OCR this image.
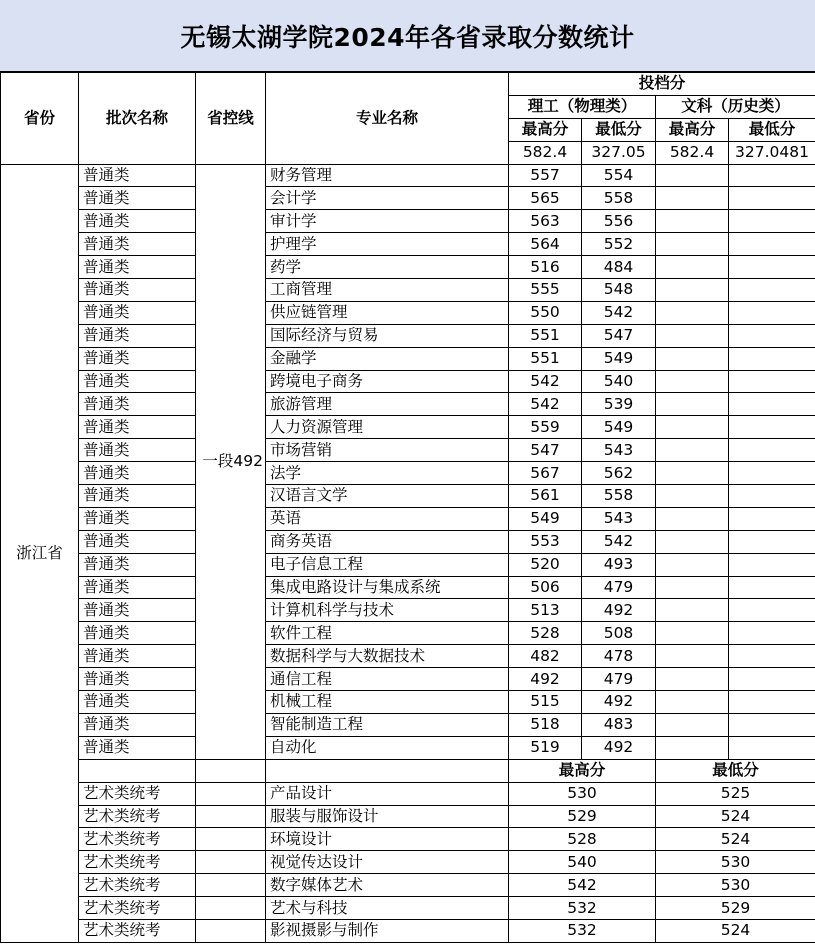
无锡太湖学院2024年各省录取分数统计
省份	批次名称	省控线	专业名称	投档分			
				理工（物理类）		文科（历史类）	
				最高分	最低分	最高分	最低分
				582.4	327.05	582.4	327.0481
浙江省	普通类	一段492	财务管理	557	554		
	普通类		会计学	565	558		
	普通类		审计学	563	556		
	普通类		护理学	564	552		
	普通类		药学	516	484		
	普通类		工商管理	555	548		
	普通类		供应链管理	550	542		
	普通类		国际经济与贸易	551	547		
	普通类		金融学	551	549		
	普通类		跨境电子商务	542	540		
	普通类		旅游管理	542	539		
	普通类		人力资源管理	559	549		
	普通类		市场营销	547	543		
	普通类		法学	567	562		
	普通类		汉语言文学	561	558		
	普通类		英语	549	543		
	普通类		商务英语	553	542		
	普通类		电子信息工程	520	493		
	普通类		集成电路设计与集成系统	506	479		
	普通类		计算机科学与技术	513	492		
	普通类		软件工程	528	508		
	普通类		数据科学与大数据技术	482	478		
	普通类		通信工程	492	479		
	普通类		机械工程	515	492		
	普通类		智能制造工程	518	483		
	普通类		自动化	519	492		
				最高分		最低分	
	艺术类统考		产品设计	530		525	
	艺术类统考		服装与服饰设计	529		524	
	艺术类统考		环境设计	528		524	
	艺术类统考		视觉传达设计	540		530	
	艺术类统考		数字媒体艺术	542		530	
	艺术类统考		艺术与科技	532		529	
	艺术类统考		影视摄影与制作	532		524	
